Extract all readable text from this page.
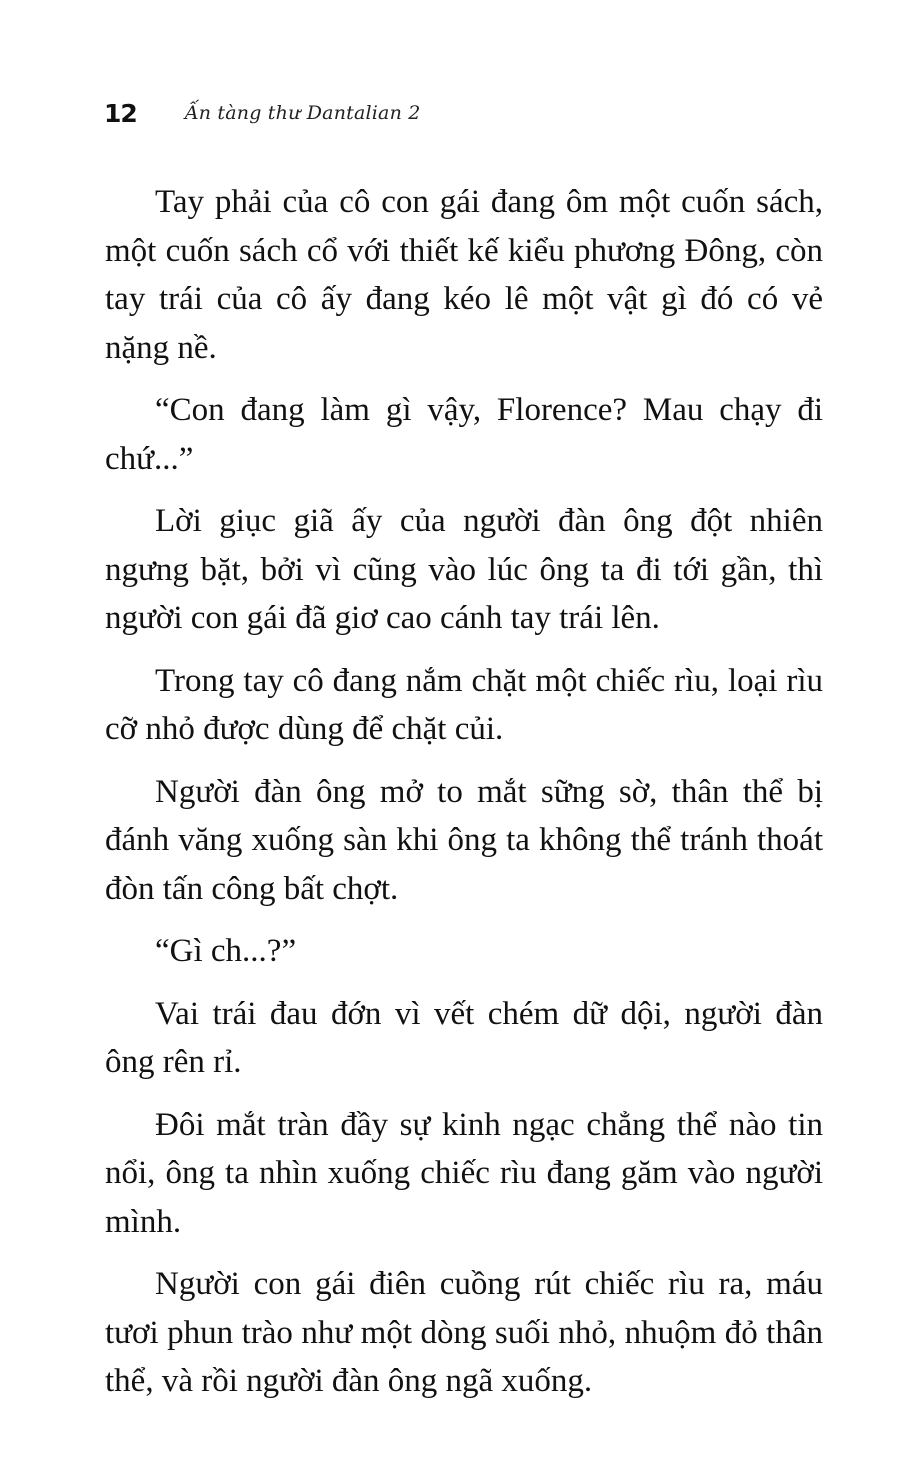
12	Ấn tàng thư Dantalian 2

Tay phải của cô con gái đang ôm một cuốn sách, một cuốn sách cổ với thiết kế kiểu phương Đông, còn tay trái của cô ấy đang kéo lê một vật gì đó có vẻ nặng nề.

“Con đang làm gì vậy, Florence? Mau chạy đi chứ...”

Lời giục giã ấy của người đàn ông đột nhiên ngưng bặt, bởi vì cũng vào lúc ông ta đi tới gần, thì người con gái đã giơ cao cánh tay trái lên.

Trong tay cô đang nắm chặt một chiếc rìu, loại rìu cỡ nhỏ được dùng để chặt củi.

Người đàn ông mở to mắt sững sờ, thân thể bị đánh văng xuống sàn khi ông ta không thể tránh thoát đòn tấn công bất chợt.

“Gì ch...?”

Vai trái đau đớn vì vết chém dữ dội, người đàn ông rên rỉ.

Đôi mắt tràn đầy sự kinh ngạc chẳng thể nào tin nổi, ông ta nhìn xuống chiếc rìu đang găm vào người mình.

Người con gái điên cuồng rút chiếc rìu ra, máu tươi phun trào như một dòng suối nhỏ, nhuộm đỏ thân thể, và rồi người đàn ông ngã xuống.
